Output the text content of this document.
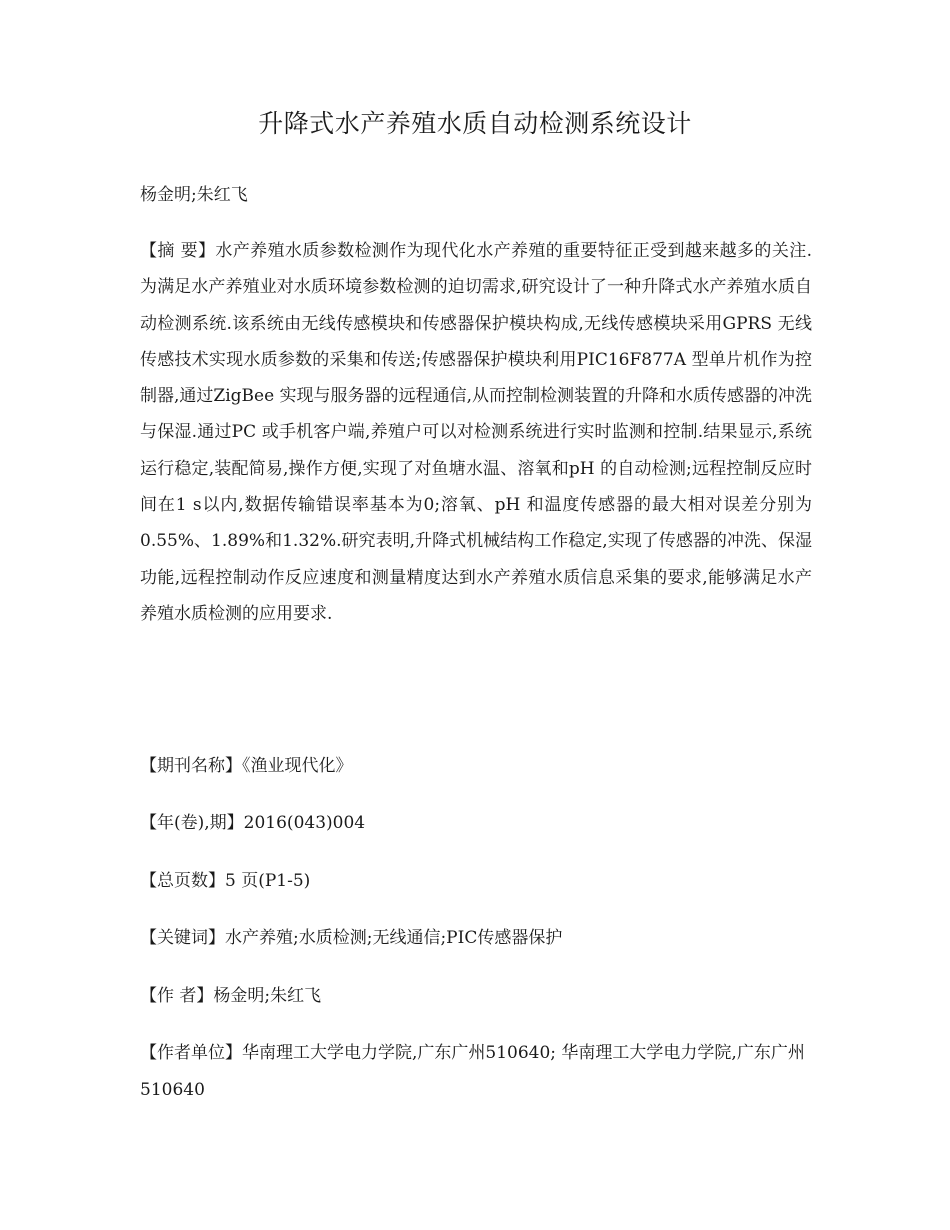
升降式水产养殖水质自动检测系统设计
杨金明;朱红飞

【摘 要】水产养殖水质参数检测作为现代化水产养殖的重要特征正受到越来越多的关注.为满足水产养殖业对水质环境参数检测的迫切需求,研究设计了一种升降式水产养殖水质自动检测系统.该系统由无线传感模块和传感器保护模块构成,无线传感模块采用GPRS 无线传感技术实现水质参数的采集和传送;传感器保护模块利用PIC16F877A 型单片机作为控制器,通过ZigBee 实现与服务器的远程通信,从而控制检测装置的升降和水质传感器的冲洗与保湿.通过PC 或手机客户端,养殖户可以对检测系统进行实时监测和控制.结果显示,系统运行稳定,装配简易,操作方便,实现了对鱼塘水温、溶氧和pH 的自动检测;远程控制反应时间在1 s以内,数据传输错误率基本为0;溶氧、pH 和温度传感器的最大相对误差分别为0.55%、1.89%和1.32%.研究表明,升降式机械结构工作稳定,实现了传感器的冲洗、保湿功能,远程控制动作反应速度和测量精度达到水产养殖水质信息采集的要求,能够满足水产养殖水质检测的应用要求.

【期刊名称】《渔业现代化》

【年(卷),期】2016(043)004

【总页数】5 页(P1-5)

【关键词】水产养殖;水质检测;无线通信;PIC传感器保护

【作 者】杨金明;朱红飞

【作者单位】华南理工大学电力学院,广东广州510640; 华南理工大学电力学院,广东广州510640
